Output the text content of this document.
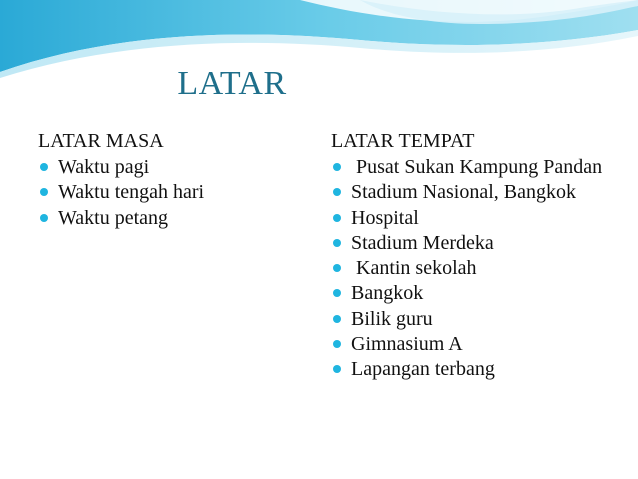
LATAR
LATAR MASA
Waktu pagi
Waktu tengah hari
Waktu petang
LATAR TEMPAT
Pusat Sukan Kampung Pandan
Stadium Nasional, Bangkok
Hospital
Stadium Merdeka
Kantin sekolah
Bangkok
Bilik guru
Gimnasium A
Lapangan terbang
